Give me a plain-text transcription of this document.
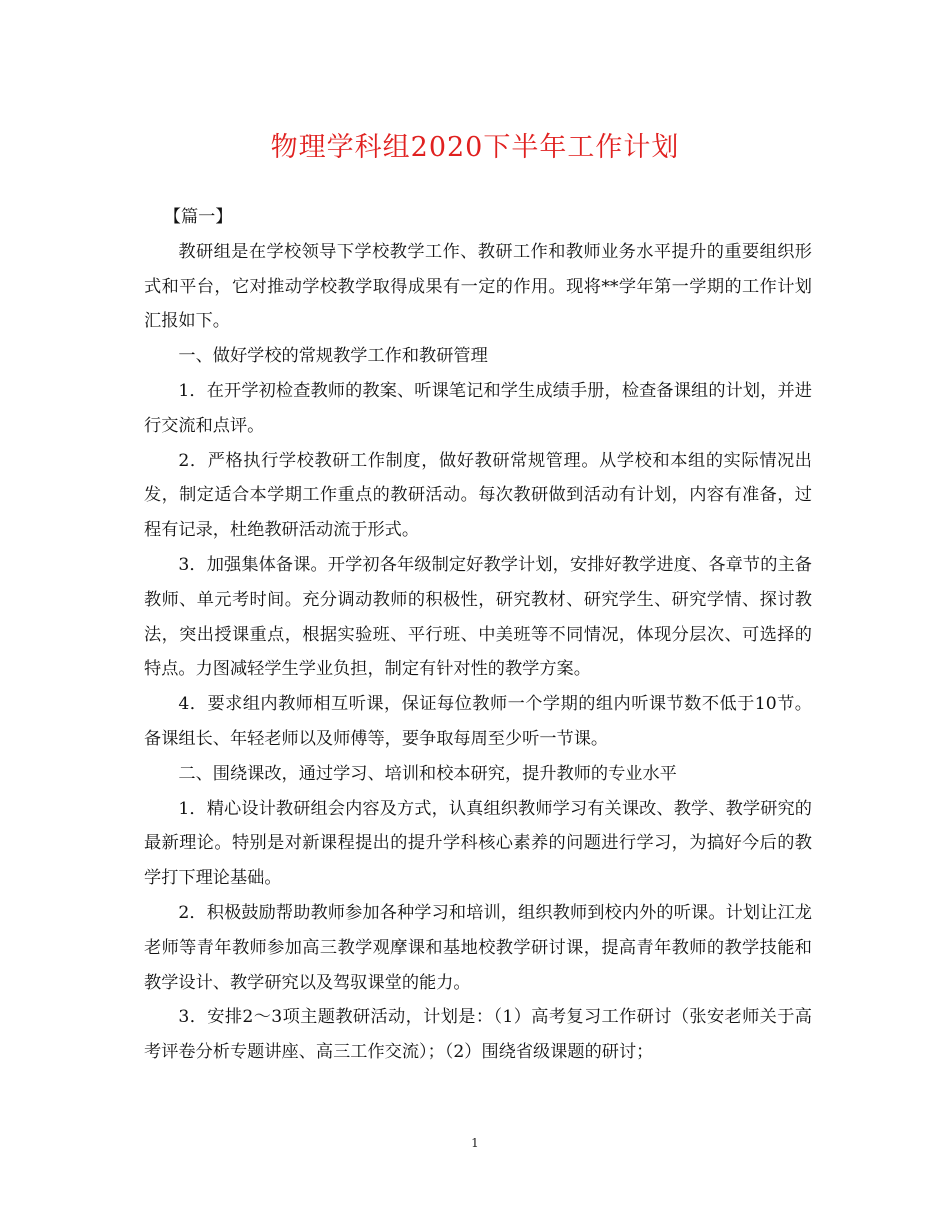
物理学科组2020下半年工作计划

【篇一】

教研组是在学校领导下学校教学工作、教研工作和教师业务水平提升的重要组织形式和平台，它对推动学校教学取得成果有一定的作用。现将**学年第一学期的工作计划汇报如下。

一、做好学校的常规教学工作和教研管理

1．在开学初检查教师的教案、听课笔记和学生成绩手册，检查备课组的计划，并进行交流和点评。

2．严格执行学校教研工作制度，做好教研常规管理。从学校和本组的实际情况出发，制定适合本学期工作重点的教研活动。每次教研做到活动有计划，内容有准备，过程有记录，杜绝教研活动流于形式。

3．加强集体备课。开学初各年级制定好教学计划，安排好教学进度、各章节的主备教师、单元考时间。充分调动教师的积极性，研究教材、研究学生、研究学情、探讨教法，突出授课重点，根据实验班、平行班、中美班等不同情况，体现分层次、可选择的特点。力图减轻学生学业负担，制定有针对性的教学方案。

4．要求组内教师相互听课，保证每位教师一个学期的组内听课节数不低于10节。备课组长、年轻老师以及师傅等，要争取每周至少听一节课。

二、围绕课改，通过学习、培训和校本研究，提升教师的专业水平

1．精心设计教研组会内容及方式，认真组织教师学习有关课改、教学、教学研究的最新理论。特别是对新课程提出的提升学科核心素养的问题进行学习，为搞好今后的教学打下理论基础。

2．积极鼓励帮助教师参加各种学习和培训，组织教师到校内外的听课。计划让江龙老师等青年教师参加高三教学观摩课和基地校教学研讨课，提高青年教师的教学技能和教学设计、教学研究以及驾驭课堂的能力。

3．安排2～3项主题教研活动，计划是：（1）高考复习工作研讨（张安老师关于高考评卷分析专题讲座、高三工作交流）；（2）围绕省级课题的研讨；

1
